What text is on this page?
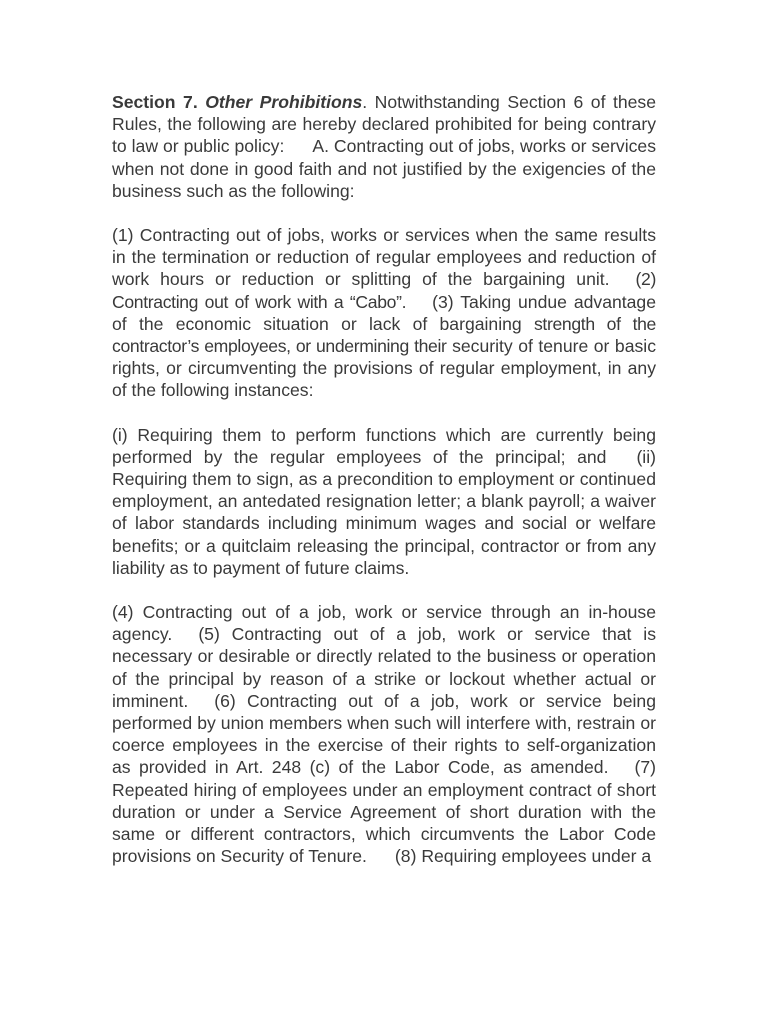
Section 7. Other Prohibitions. Notwithstanding Section 6 of these Rules, the following are hereby declared prohibited for being contrary to law or public policy: A. Contracting out of jobs, works or services when not done in good faith and not justified by the exigencies of the business such as the following:

(1) Contracting out of jobs, works or services when the same results in the termination or reduction of regular employees and reduction of work hours or reduction or splitting of the bargaining unit. (2) Contracting out of work with a “Cabo”. (3) Taking undue advantage of the economic situation or lack of bargaining strength of the contractor’s employees, or undermining their security of tenure or basic rights, or circumventing the provisions of regular employment, in any of the following instances:

(i) Requiring them to perform functions which are currently being performed by the regular employees of the principal; and (ii) Requiring them to sign, as a precondition to employment or continued employment, an antedated resignation letter; a blank payroll; a waiver of labor standards including minimum wages and social or welfare benefits; or a quitclaim releasing the principal, contractor or from any liability as to payment of future claims.

(4) Contracting out of a job, work or service through an in-house agency. (5) Contracting out of a job, work or service that is necessary or desirable or directly related to the business or operation of the principal by reason of a strike or lockout whether actual or imminent. (6) Contracting out of a job, work or service being performed by union members when such will interfere with, restrain or coerce employees in the exercise of their rights to self-organization as provided in Art. 248 (c) of the Labor Code, as amended. (7) Repeated hiring of employees under an employment contract of short duration or under a Service Agreement of short duration with the same or different contractors, which circumvents the Labor Code provisions on Security of Tenure. (8) Requiring employees under a
